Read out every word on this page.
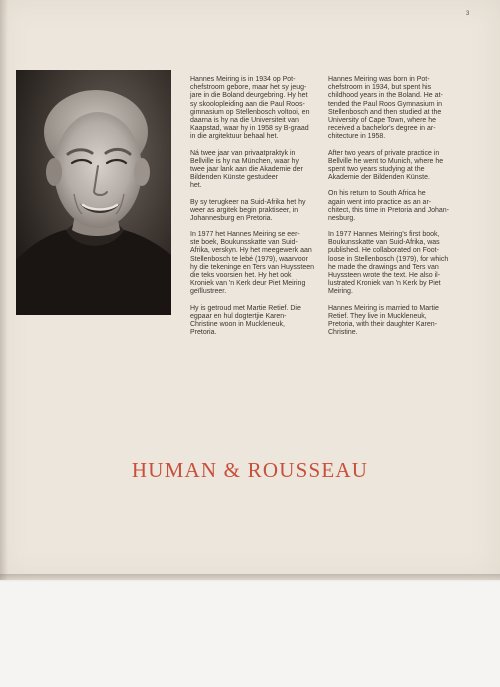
3

Hannes Meiring is in 1934 op Pot-
chefstroom gebore, maar het sy jeug-
jare in die Boland deurgebring. Hy het
sy skoolopleiding aan die Paul Roos-
gimnasium op Stellenbosch voltooi, en
daarna is hy na die Universiteit van
Kaapstad, waar hy in 1958 sy B-graad
in die argitektuur behaal het.

Ná twee jaar van privaatpraktyk in
Bellville is hy na München, waar hy
twee jaar lank aan die Akademie der
Bildenden Künste gestudeer
het.

By sy terugkeer na Suid-Afrika het hy
weer as argitek begin praktiseer, in
Johannesburg en Pretoria.

In 1977 het Hannes Meiring se eer-
ste boek, Boukunsskatte van Suid-
Afrika, verskyn. Hy het meegewerk aan
Stellenbosch te lebé (1979), waarvoor
hy die tekeninge en Ters van Huyssteen
die teks voorsien het. Hy het ook
Kroniek van 'n Kerk deur Piet Meiring
geïllustreer.

Hy is getroud met Martie Retief. Die
egpaar en hul dogtertjie Karen-
Christine woon in Muckleneuk,
Pretoria.

Hannes Meiring was born in Pot-
chefstroom in 1934, but spent his
childhood years in the Boland. He at-
tended the Paul Roos Gymnasium in
Stellenbosch and then studied at the
University of Cape Town, where he
received a bachelor's degree in ar-
chitecture in 1958.

After two years of private practice in
Bellville he went to Munich, where he
spent two years studying at the
Akademie der Bildenden Künste.

On his return to South Africa he
again went into practice as an ar-
chitect, this time in Pretoria and Johan-
nesburg.

In 1977 Hannes Meiring's first book,
Boukunsskatte van Suid-Afrika, was
published. He collaborated on Foot-
loose in Stellenbosch (1979), for which
he made the drawings and Ters van
Huyssteen wrote the text. He also il-
lustrated Kroniek van 'n Kerk by Piet
Meiring.

Hannes Meiring is married to Martie
Retief. They live in Muckleneuk,
Pretoria, with their daughter Karen-
Christine.

HUMAN & ROUSSEAU
